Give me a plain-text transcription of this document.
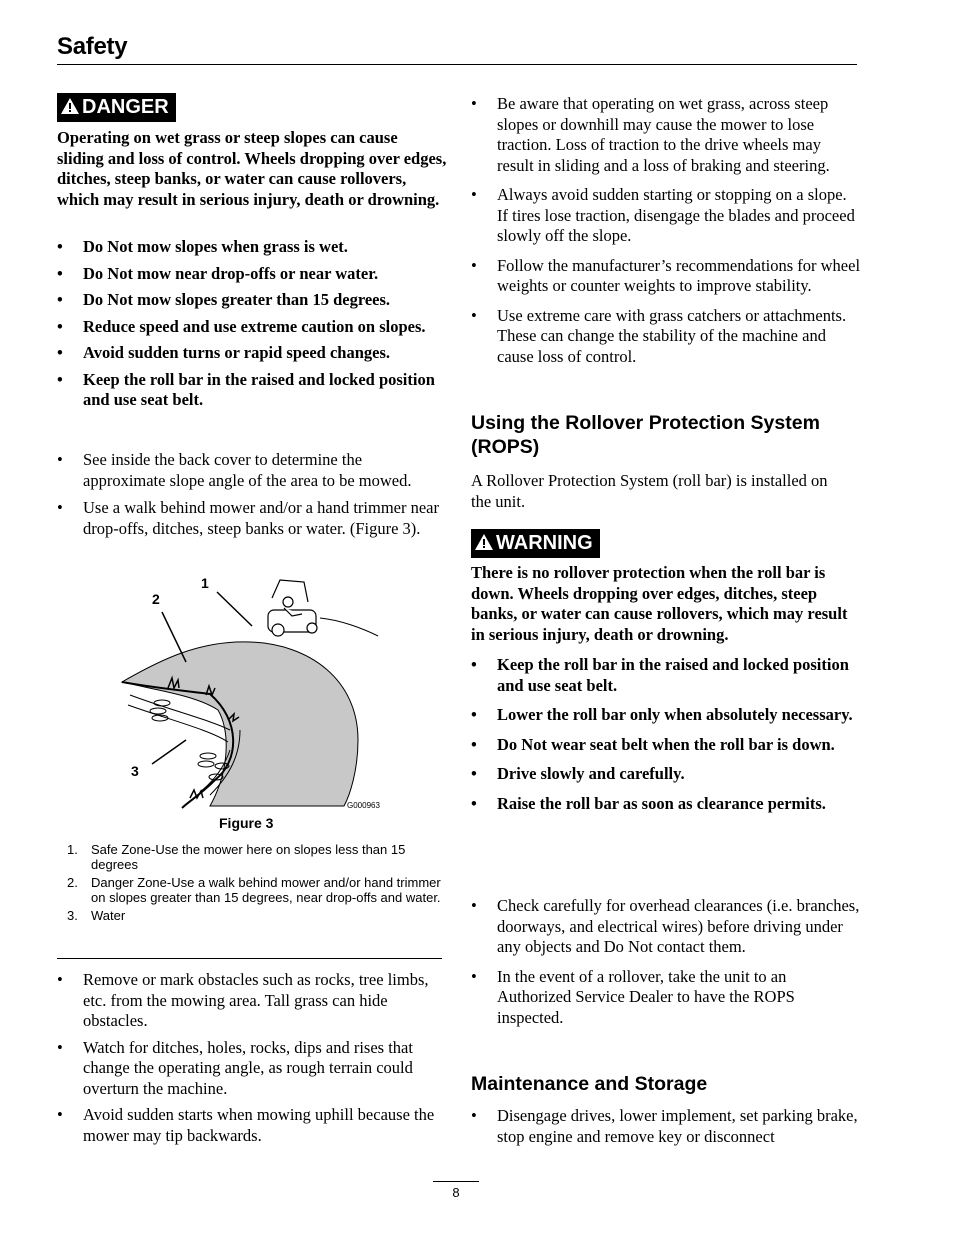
Safety
DANGER
Operating on wet grass or steep slopes can cause sliding and loss of control. Wheels dropping over edges, ditches, steep banks, or water can cause rollovers, which may result in serious injury, death or drowning.
• Do Not mow slopes when grass is wet.
• Do Not mow near drop-offs or near water.
• Do Not mow slopes greater than 15 degrees.
• Reduce speed and use extreme caution on slopes.
• Avoid sudden turns or rapid speed changes.
• Keep the roll bar in the raised and locked position and use seat belt.
• See inside the back cover to determine the approximate slope angle of the area to be mowed.
• Use a walk behind mower and/or a hand trimmer near drop-offs, ditches, steep banks or water. (Figure 3).
1
2
3
G000963
Figure 3
1. Safe Zone-Use the mower here on slopes less than 15 degrees
2. Danger Zone-Use a walk behind mower and/or hand trimmer on slopes greater than 15 degrees, near drop-offs and water.
3. Water
• Remove or mark obstacles such as rocks, tree limbs, etc. from the mowing area. Tall grass can hide obstacles.
• Watch for ditches, holes, rocks, dips and rises that change the operating angle, as rough terrain could overturn the machine.
• Avoid sudden starts when mowing uphill because the mower may tip backwards.
• Be aware that operating on wet grass, across steep slopes or downhill may cause the mower to lose traction. Loss of traction to the drive wheels may result in sliding and a loss of braking and steering.
• Always avoid sudden starting or stopping on a slope. If tires lose traction, disengage the blades and proceed slowly off the slope.
• Follow the manufacturer’s recommendations for wheel weights or counter weights to improve stability.
• Use extreme care with grass catchers or attachments. These can change the stability of the machine and cause loss of control.
Using the Rollover Protection System (ROPS)
A Rollover Protection System (roll bar) is installed on the unit.
WARNING
There is no rollover protection when the roll bar is down. Wheels dropping over edges, ditches, steep banks, or water can cause rollovers, which may result in serious injury, death or drowning.
• Keep the roll bar in the raised and locked position and use seat belt.
• Lower the roll bar only when absolutely necessary.
• Do Not wear seat belt when the roll bar is down.
• Drive slowly and carefully.
• Raise the roll bar as soon as clearance permits.
• Check carefully for overhead clearances (i.e. branches, doorways, and electrical wires) before driving under any objects and Do Not contact them.
• In the event of a rollover, take the unit to an Authorized Service Dealer to have the ROPS inspected.
Maintenance and Storage
• Disengage drives, lower implement, set parking brake, stop engine and remove key or disconnect
8
